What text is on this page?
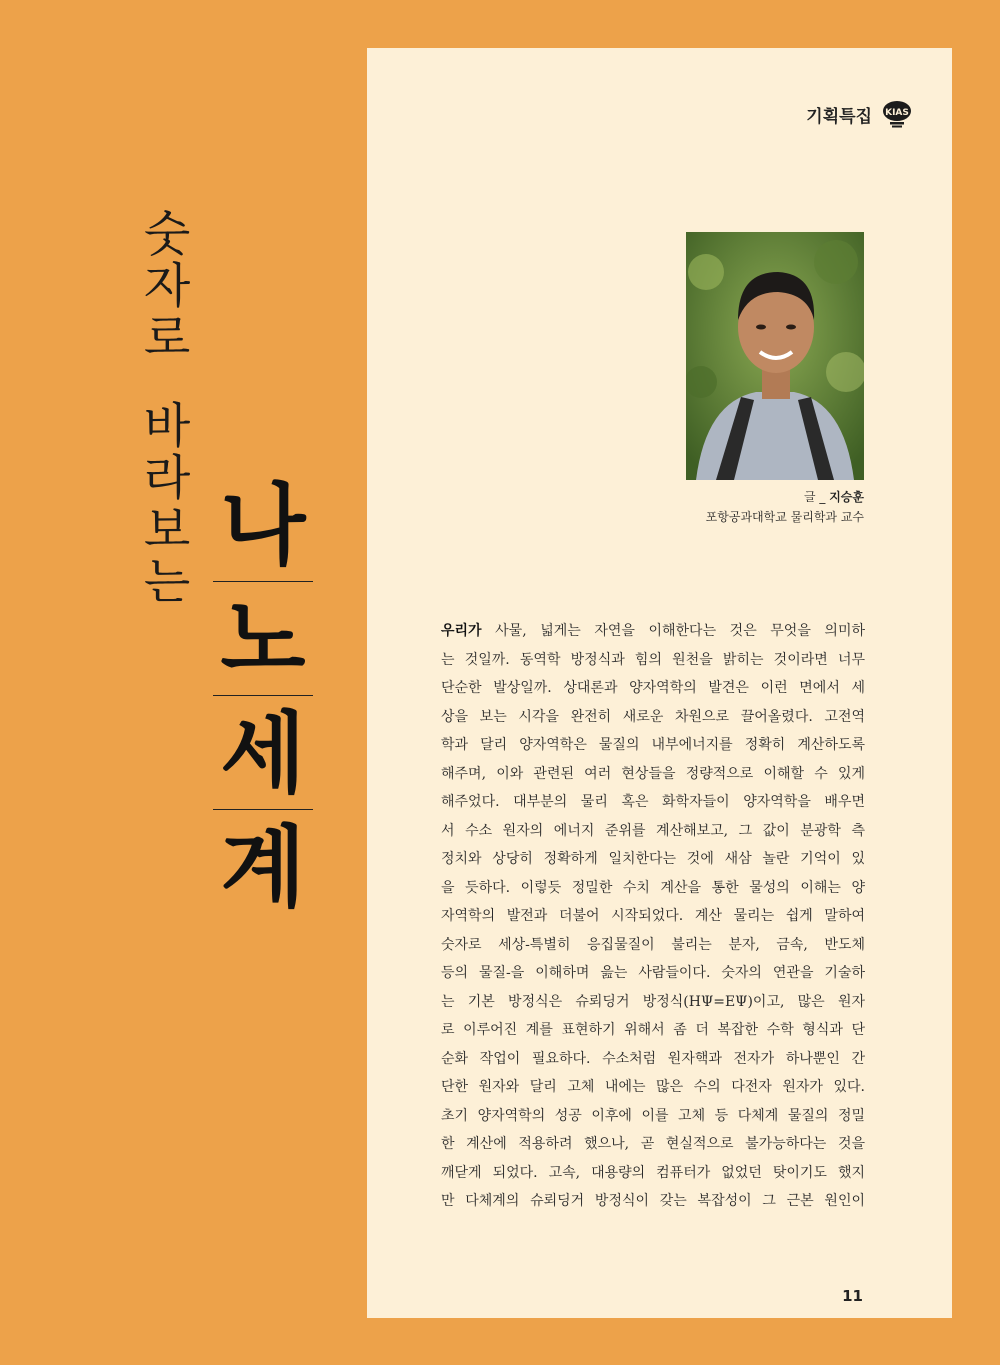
기획특집 KIAS
숫
자
로
바
라
보
는
나
노
세
계
글 _ 지승훈
포항공과대학교 물리학과 교수
우리가 사물, 넓게는 자연을 이해한다는 것은 무엇을 의미하
는 것일까. 동역학 방정식과 힘의 원천을 밝히는 것이라면 너무
단순한 발상일까. 상대론과 양자역학의 발견은 이런 면에서 세
상을 보는 시각을 완전히 새로운 차원으로 끌어올렸다. 고전역
학과 달리 양자역학은 물질의 내부에너지를 정확히 계산하도록
해주며, 이와 관련된 여러 현상들을 정량적으로 이해할 수 있게
해주었다. 대부분의 물리 혹은 화학자들이 양자역학을 배우면
서 수소 원자의 에너지 준위를 계산해보고, 그 값이 분광학 측
정치와 상당히 정확하게 일치한다는 것에 새삼 놀란 기억이 있
을 듯하다. 이렇듯 정밀한 수치 계산을 통한 물성의 이해는 양
자역학의 발전과 더불어 시작되었다. 계산 물리는 쉽게 말하여
숫자로 세상-특별히 응집물질이 불리는 분자, 금속, 반도체
등의 물질-을 이해하며 읊는 사람들이다. 숫자의 연관을 기술하
는 기본 방정식은 슈뢰딩거 방정식(HΨ=EΨ)이고, 많은 원자
로 이루어진 계를 표현하기 위해서 좀 더 복잡한 수학 형식과 단
순화 작업이 필요하다. 수소처럼 원자핵과 전자가 하나뿐인 간
단한 원자와 달리 고체 내에는 많은 수의 다전자 원자가 있다.
초기 양자역학의 성공 이후에 이를 고체 등 다체계 물질의 정밀
한 계산에 적용하려 했으나, 곧 현실적으로 불가능하다는 것을
깨닫게 되었다. 고속, 대용량의 컴퓨터가 없었던 탓이기도 했지
만 다체계의 슈뢰딩거 방정식이 갖는 복잡성이 그 근본 원인이
11
